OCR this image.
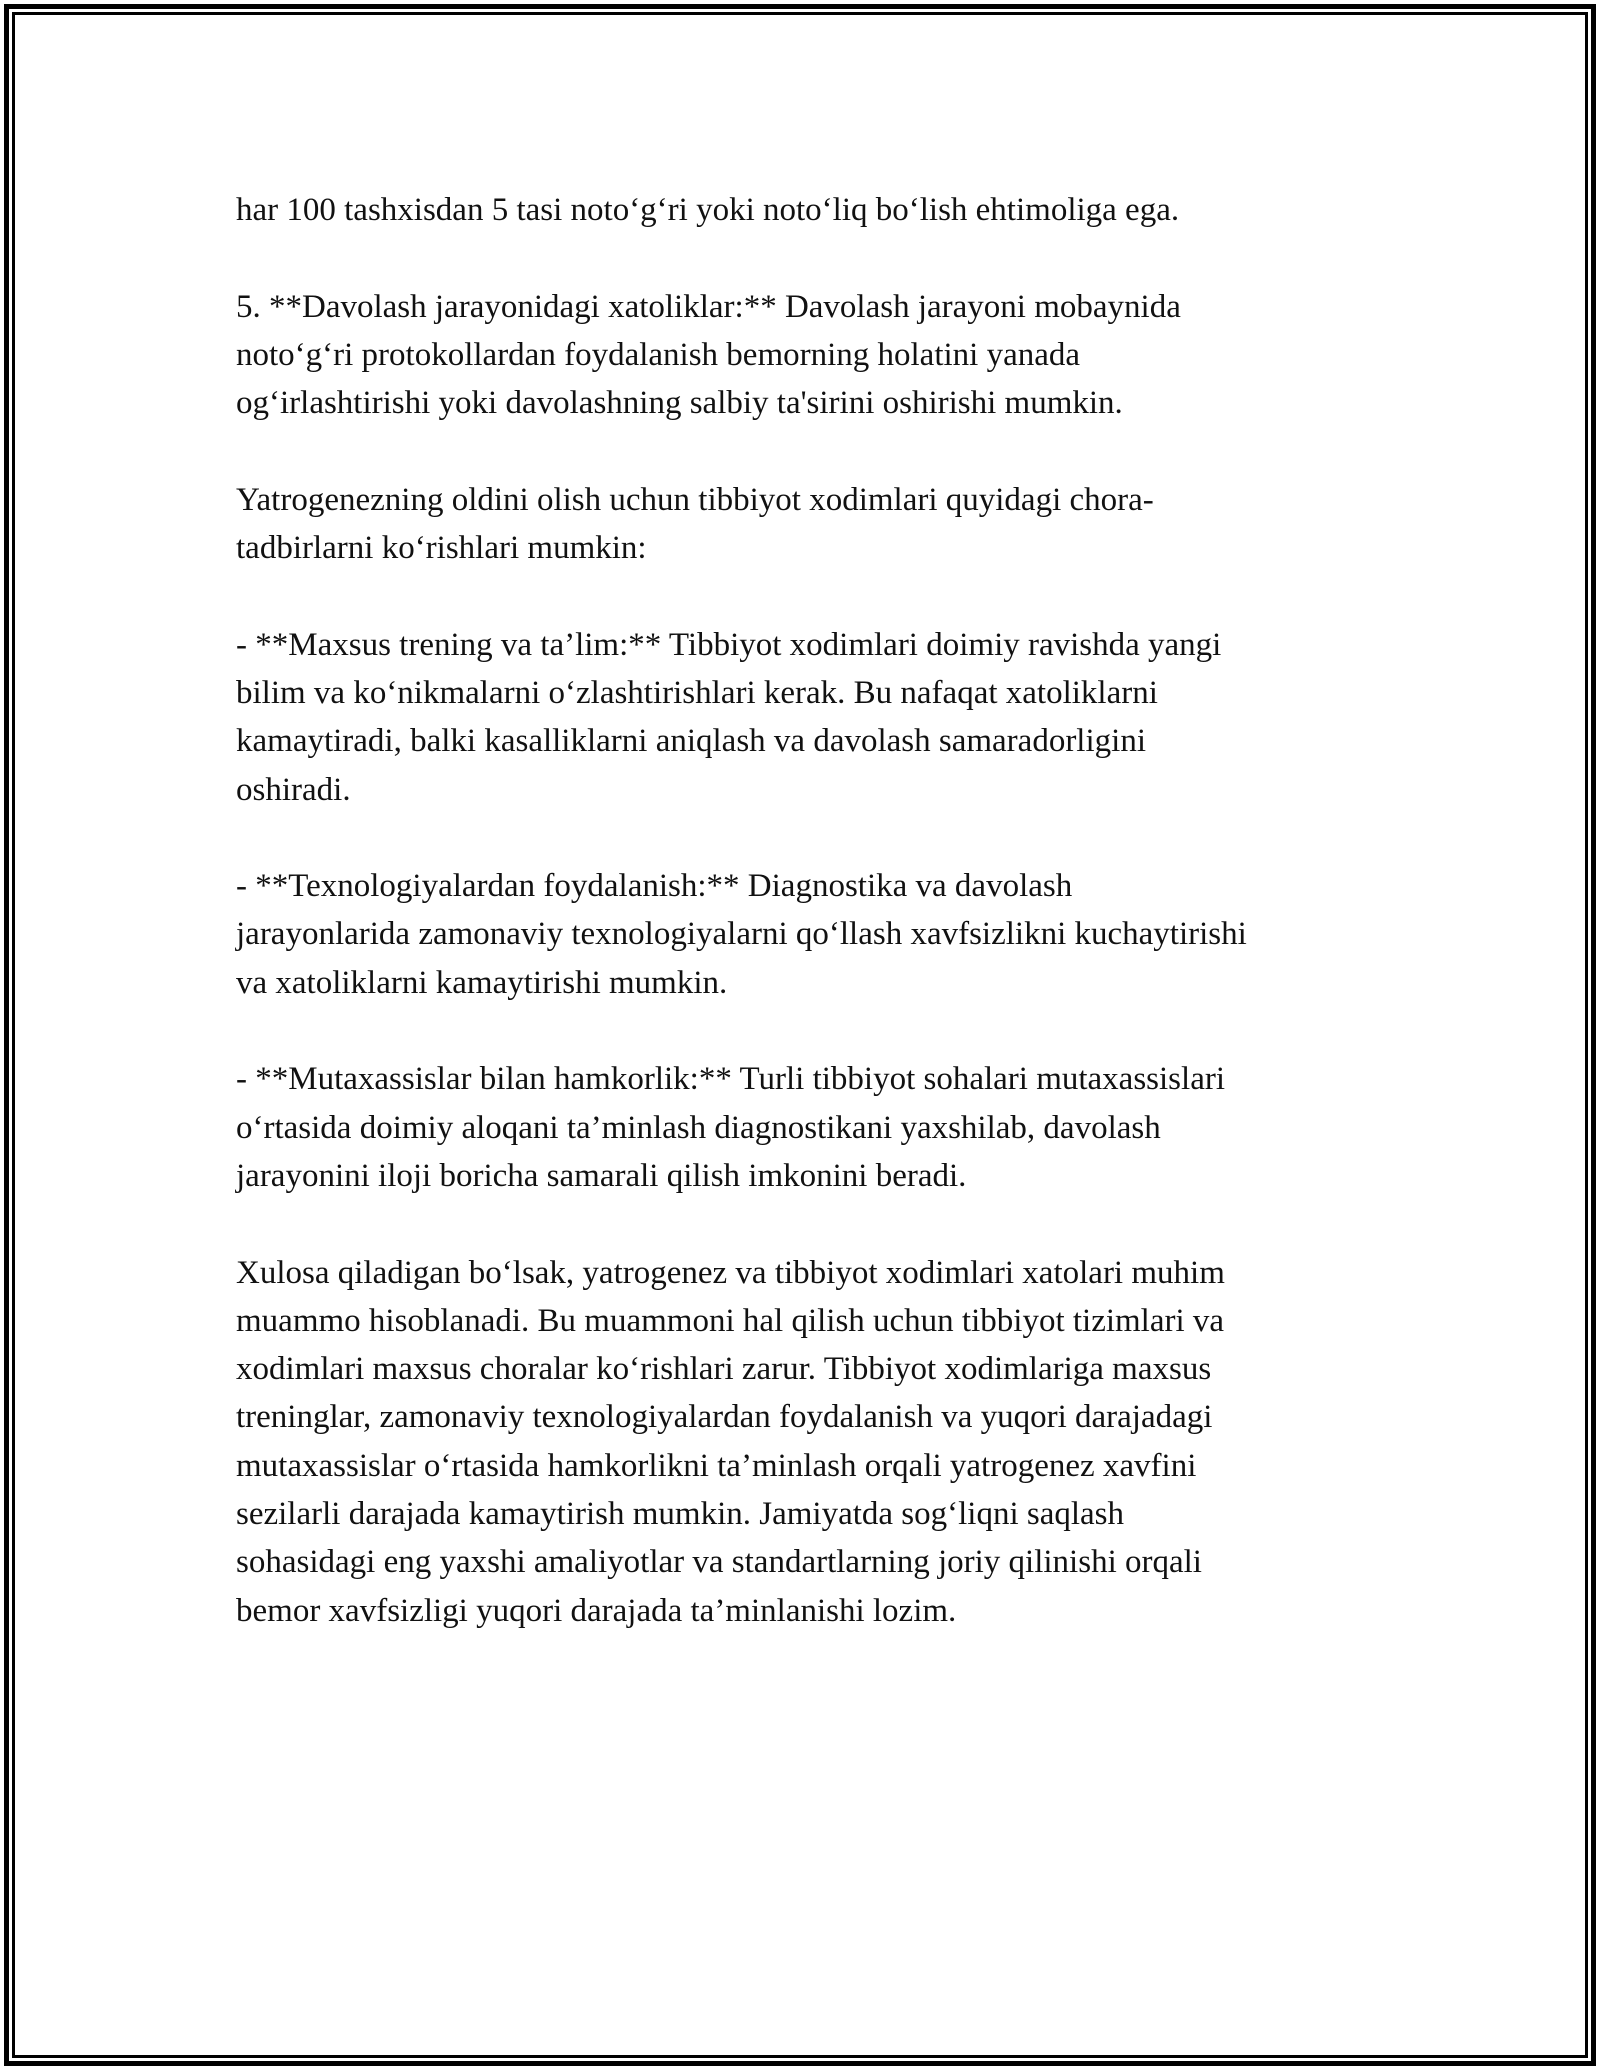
har 100 tashxisdan 5 tasi noto‘g‘ri yoki noto‘liq bo‘lish ehtimoliga ega.

5. **Davolash jarayonidagi xatoliklar:** Davolash jarayoni mobaynida
noto‘g‘ri protokollardan foydalanish bemorning holatini yanada
og‘irlashtirishi yoki davolashning salbiy ta'sirini oshirishi mumkin.

Yatrogenezning oldini olish uchun tibbiyot xodimlari quyidagi chora-
tadbirlarni ko‘rishlari mumkin:

- **Maxsus trening va ta’lim:** Tibbiyot xodimlari doimiy ravishda yangi
bilim va ko‘nikmalarni o‘zlashtirishlari kerak. Bu nafaqat xatoliklarni
kamaytiradi, balki kasalliklarni aniqlash va davolash samaradorligini
oshiradi.

- **Texnologiyalardan foydalanish:** Diagnostika va davolash
jarayonlarida zamonaviy texnologiyalarni qo‘llash xavfsizlikni kuchaytirishi
va xatoliklarni kamaytirishi mumkin.

- **Mutaxassislar bilan hamkorlik:** Turli tibbiyot sohalari mutaxassislari
o‘rtasida doimiy aloqani ta’minlash diagnostikani yaxshilab, davolash
jarayonini iloji boricha samarali qilish imkonini beradi.

Xulosa qiladigan bo‘lsak, yatrogenez va tibbiyot xodimlari xatolari muhim
muammo hisoblanadi. Bu muammoni hal qilish uchun tibbiyot tizimlari va
xodimlari maxsus choralar ko‘rishlari zarur. Tibbiyot xodimlariga maxsus
treninglar, zamonaviy texnologiyalardan foydalanish va yuqori darajadagi
mutaxassislar o‘rtasida hamkorlikni ta’minlash orqali yatrogenez xavfini
sezilarli darajada kamaytirish mumkin. Jamiyatda sog‘liqni saqlash
sohasidagi eng yaxshi amaliyotlar va standartlarning joriy qilinishi orqali
bemor xavfsizligi yuqori darajada ta’minlanishi lozim.
